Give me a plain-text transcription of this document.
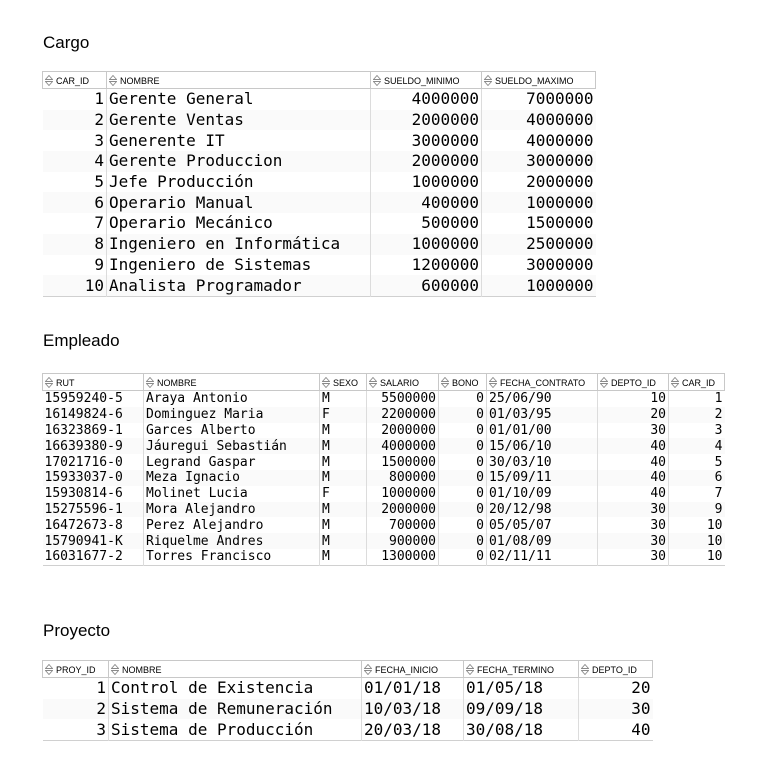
Cargo
CAR_ID	NOMBRE	SUELDO_MINIMO	SUELDO_MAXIMO
1	Gerente General	4000000	7000000
2	Gerente Ventas	2000000	4000000
3	Generente IT	3000000	4000000
4	Gerente Produccion	2000000	3000000
5	Jefe Producción	1000000	2000000
6	Operario Manual	400000	1000000
7	Operario Mecánico	500000	1500000
8	Ingeniero en Informática	1000000	2500000
9	Ingeniero de Sistemas	1200000	3000000
10	Analista Programador	600000	1000000
Empleado
RUT	NOMBRE	SEXO	SALARIO	BONO	FECHA_CONTRATO	DEPTO_ID	CAR_ID
15959240-5	Araya Antonio	M	5500000	0	25/06/90	10	1
16149824-6	Dominguez Maria	F	2200000	0	01/03/95	20	2
16323869-1	Garces Alberto	M	2000000	0	01/01/00	30	3
16639380-9	Jáuregui Sebastián	M	4000000	0	15/06/10	40	4
17021716-0	Legrand Gaspar	M	1500000	0	30/03/10	40	5
15933037-0	Meza Ignacio	M	800000	0	15/09/11	40	6
15930814-6	Molinet Lucia	F	1000000	0	01/10/09	40	7
15275596-1	Mora Alejandro	M	2000000	0	20/12/98	30	9
16472673-8	Perez Alejandro	M	700000	0	05/05/07	30	10
15790941-K	Riquelme Andres	M	900000	0	01/08/09	30	10
16031677-2	Torres Francisco	M	1300000	0	02/11/11	30	10
Proyecto
PROY_ID	NOMBRE	FECHA_INICIO	FECHA_TERMINO	DEPTO_ID
1	Control de Existencia	01/01/18	01/05/18	20
2	Sistema de Remuneración	10/03/18	09/09/18	30
3	Sistema de Producción	20/03/18	30/08/18	40
